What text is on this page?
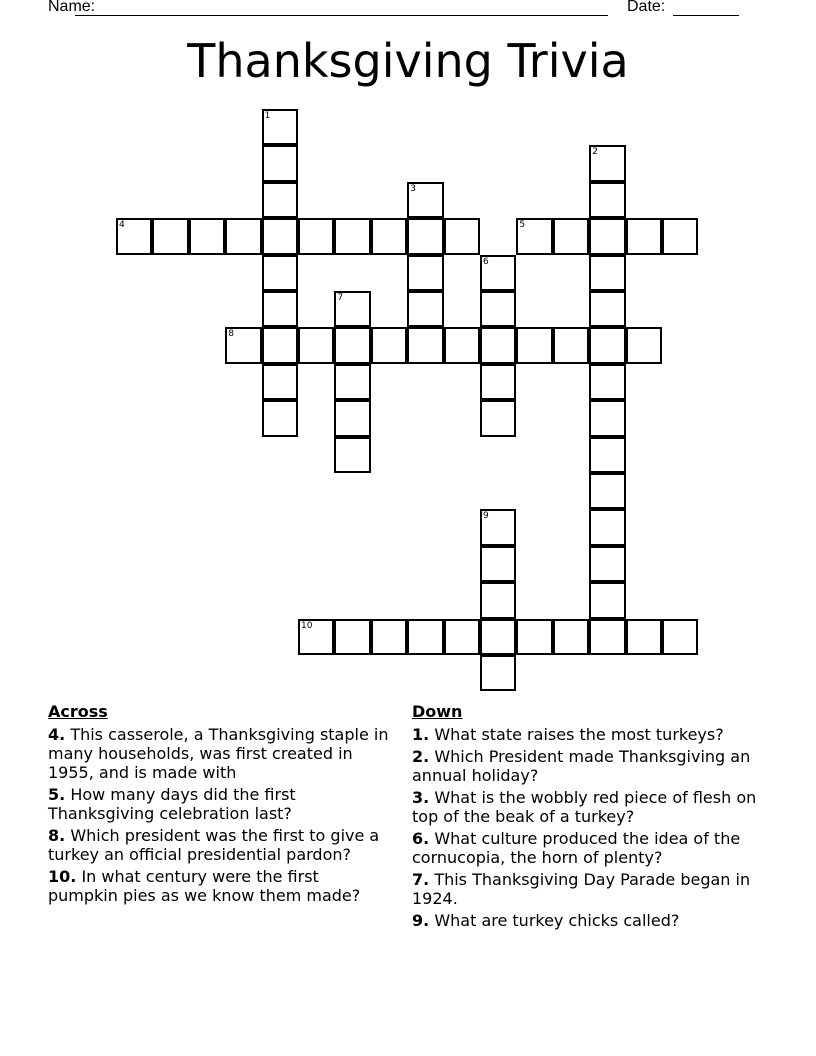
Name:	Date:
Thanksgiving Trivia
1
2
3
4	5
6
7
8
9
10
Across
4. This casserole, a Thanksgiving staple in many households, was first created in 1955, and is made with
5. How many days did the first Thanksgiving celebration last?
8. Which president was the first to give a turkey an official presidential pardon?
10. In what century were the first pumpkin pies as we know them made?
Down
1. What state raises the most turkeys?
2. Which President made Thanksgiving an annual holiday?
3. What is the wobbly red piece of flesh on top of the beak of a turkey?
6. What culture produced the idea of the cornucopia, the horn of plenty?
7. This Thanksgiving Day Parade began in 1924.
9. What are turkey chicks called?
